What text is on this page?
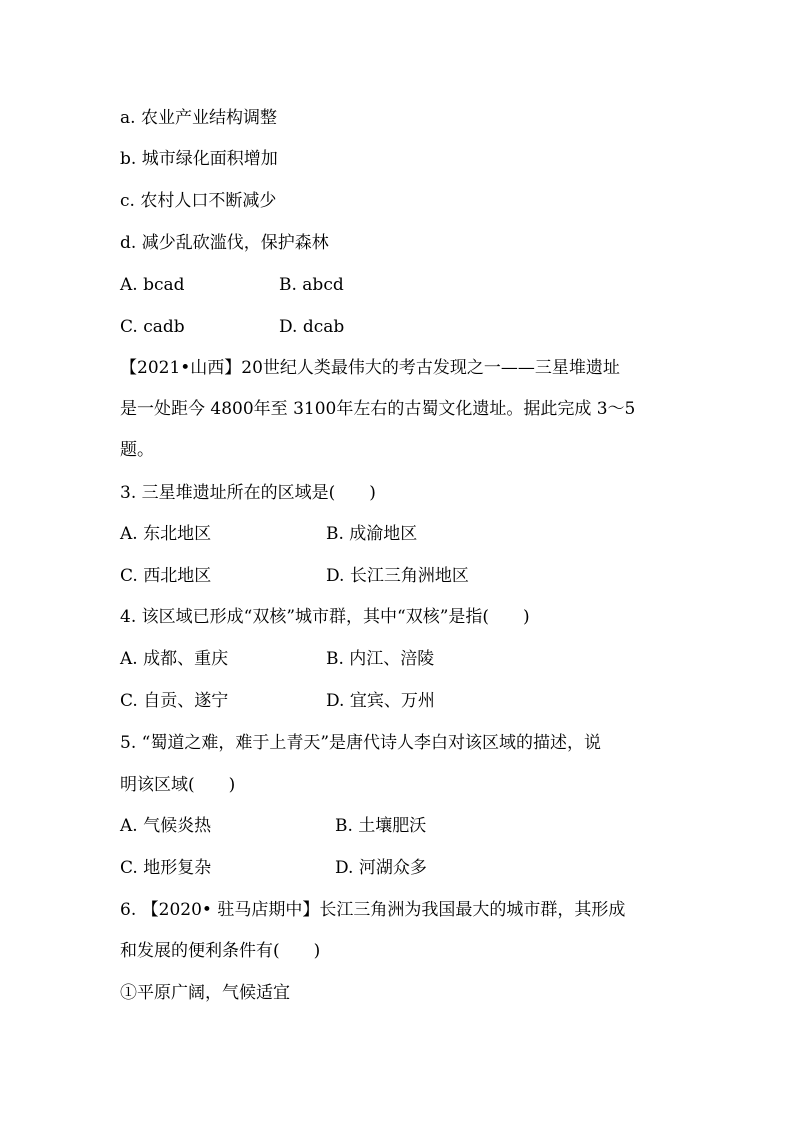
a. 农业产业结构调整
b. 城市绿化面积增加
c. 农村人口不断减少
d. 减少乱砍滥伐，保护森林
A. bcad	B. abcd
C. cadb	D. dcab
【2021•山西】20世纪人类最伟大的考古发现之一——三星堆遗址
是一处距今 4800年至 3100年左右的古蜀文化遗址。据此完成 3～5
题。
3. 三星堆遗址所在的区域是(　　)
A. 东北地区	B. 成渝地区
C. 西北地区	D. 长江三角洲地区
4. 该区域已形成“双核”城市群，其中“双核”是指(　　)
A. 成都、重庆	B. 内江、涪陵
C. 自贡、遂宁	D. 宜宾、万州
5. “蜀道之难，难于上青天”是唐代诗人李白对该区域的描述，说
明该区域(　　)
A. 气候炎热	B. 土壤肥沃
C. 地形复杂	D. 河湖众多
6. 【2020• 驻马店期中】长江三角洲为我国最大的城市群，其形成
和发展的便利条件有(　　)
①平原广阔，气候适宜
